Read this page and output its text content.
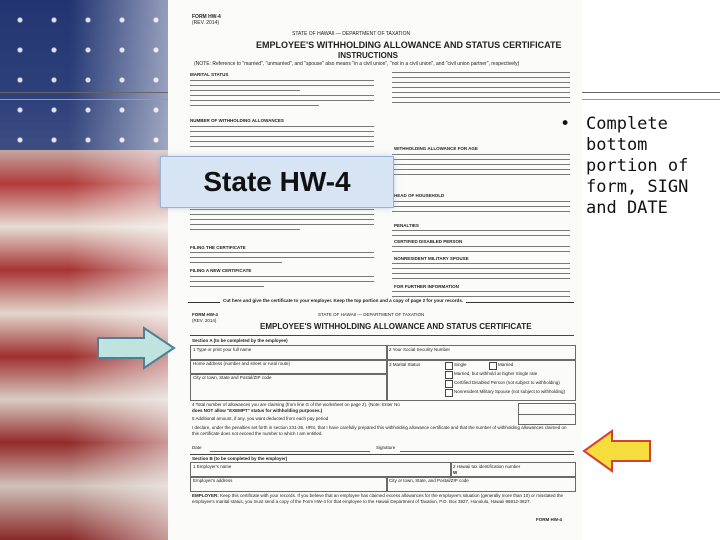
FORM HW-4
(REV. 2014)
STATE OF HAWAII — DEPARTMENT OF TAXATION
EMPLOYEE'S WITHHOLDING ALLOWANCE AND STATUS CERTIFICATE
INSTRUCTIONS
(NOTE: Reference to "married", "unmarried", and "spouse" also means "in a civil union", "not in a civil union", and "civil union partner", respectively)
MARITAL STATUS
NUMBER OF WITHHOLDING ALLOWANCES
FILING THE CERTIFICATE
FILING A NEW CERTIFICATE
WITHHOLDING ALLOWANCE FOR AGE
HEAD OF HOUSEHOLD
PENALTIES
CERTIFIED DISABLED PERSON
NONRESIDENT MILITARY SPOUSE
FOR FURTHER INFORMATION
Cut here and give the certificate to your employer. Keep the top portion and a copy of page 2 for your records.
FORM HW-4
(REV. 2014)
STATE OF HAWAII — DEPARTMENT OF TAXATION
EMPLOYEE'S WITHHOLDING ALLOWANCE AND STATUS CERTIFICATE
Section A (to be completed by the employee)
1 Type or print your full name	2 Your Social Security Number
Home address (number and street or rural route)
City or town, State and Postal/ZIP code
3 Marital Status	Single	Married
Married, but withhold at higher Single rate
Certified Disabled Person (not subject to withholding)
Nonresident Military Spouse (not subject to withholding)
4 Total number of allowances you are claiming (from line G of the worksheet on page 2). (Note: Enter No
does NOT allow "EXEMPT" status for withholding purposes.)
5 Additional amount, if any, you want deducted from each pay period
I declare, under the penalties set forth in section 231-36, HRS, that I have carefully prepared this withholding allowance certificate and that the number of withholding allowances claimed on this certificate does not exceed the number to which I am entitled.
Date	Signature
Section B (to be completed by the employer)
1 Employer's name	2 Hawaii tax identification number
W
Employer's address	City or town, State, and Postal/ZIP code
EMPLOYER: Keep this certificate with your records. If you believe that an employee has claimed excess allowances for the employee's situation (generally more than 10) or misstated the employee's marital status, you must send a copy of the Form HW-4 for that employee to the Hawaii Department of Taxation, P.O. Box 3827, Honolulu, Hawaii 96812-3827.
FORM HW-4
State HW-4
• Complete bottom portion of form, SIGN and DATE
